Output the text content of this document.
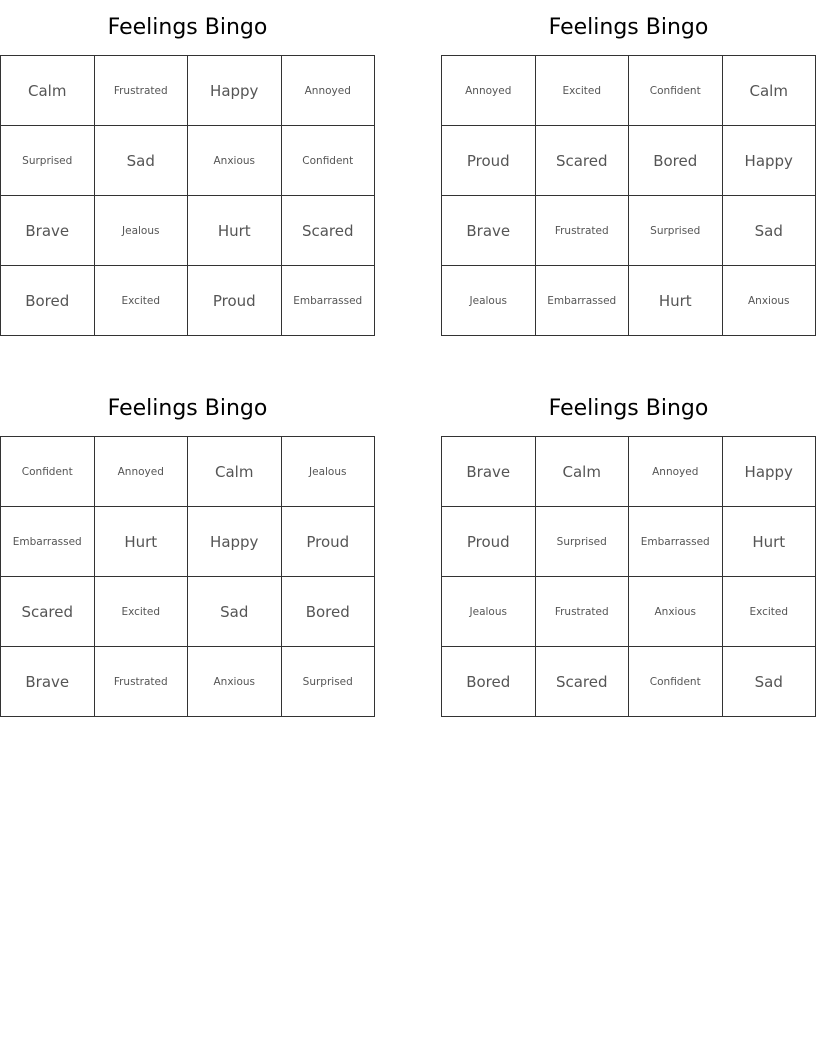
Feelings Bingo
Calm	Frustrated	Happy	Annoyed
Surprised	Sad	Anxious	Confident
Brave	Jealous	Hurt	Scared
Bored	Excited	Proud	Embarrassed
Feelings Bingo
Annoyed	Excited	Confident	Calm
Proud	Scared	Bored	Happy
Brave	Frustrated	Surprised	Sad
Jealous	Embarrassed	Hurt	Anxious
Feelings Bingo
Confident	Annoyed	Calm	Jealous
Embarrassed	Hurt	Happy	Proud
Scared	Excited	Sad	Bored
Brave	Frustrated	Anxious	Surprised
Feelings Bingo
Brave	Calm	Annoyed	Happy
Proud	Surprised	Embarrassed	Hurt
Jealous	Frustrated	Anxious	Excited
Bored	Scared	Confident	Sad
